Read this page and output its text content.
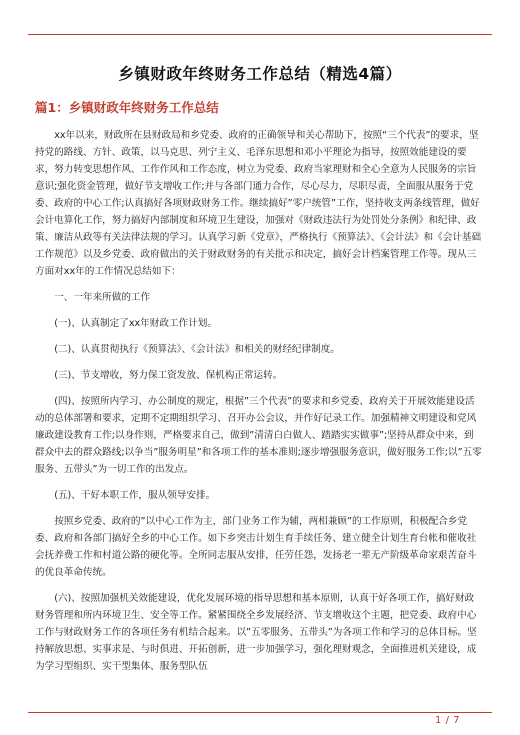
乡镇财政年终财务工作总结（精选4篇）
篇1：乡镇财政年终财务工作总结

xx年以来，财政所在县财政局和乡党委、政府的正确领导和关心帮助下，按照“三个代表”的要求，坚持党的路线、方针、政策，以马克思、列宁主义、毛泽东思想和邓小平理论为指导，按照效能建设的要求，努力转变思想作风、工作作风和工作态度，树立为党委、政府当家理财和全心全意为人民服务的宗旨意识;强化资金管理，做好节支增收工作;并与各部门通力合作，尽心尽力，尽职尽责，全面服从服务于党委、政府的中心工作;认真搞好各项财政财务工作。继续搞好”零户统管”工作，坚持收支两条线管理，做好会计电算化工作，努力搞好内部制度和环境卫生建设，加强对《财政违法行为处罚处分条例》和纪律、政策、廉洁从政等有关法律法规的学习。认真学习新《党章》，严格执行《预算法》、《会计法》和《会计基础工作规范》以及乡党委、政府做出的关于财政财务的有关批示和决定，搞好会计档案管理工作等。现从三方面对xx年的工作情况总结如下：

一、一年来所做的工作

(一)、认真制定了xx年财政工作计划。

(二)、认真贯彻执行《预算法》、《会计法》和相关的财经纪律制度。

(三)、节支增收，努力保工资发放、保机构正常运转。

(四)、按照所内学习、办公制度的规定，根据”三个代表”的要求和乡党委、政府关于开展效能建设活动的总体部署和要求，定期不定期组织学习、召开办公会议，并作好记录工作。加强精神文明建设和党风廉政建设教育工作;以身作则，严格要求自己，做到”清清白白做人、踏踏实实做事”;坚持从群众中来，到群众中去的群众路线;以争当”服务明星”和各项工作的基本准则;逐步增强服务意识，做好服务工作;以”五零服务、五带头”为一切工作的出发点。

(五)、干好本职工作，服从领导安排。

按照乡党委、政府的”以中心工作为主，部门业务工作为辅，两相兼顾”的工作原则，积极配合乡党委、政府和各部门搞好全乡的中心工作。如下乡突击计划生育手续任务、建立健全计划生育台帐和催收社会抚养费工作和村道公路的硬化等。全所同志服从安排，任劳任怨，发扬老一辈无产阶级革命家艰苦奋斗的优良革命传统。

(六)、按照加强机关效能建设，优化发展环境的指导思想和基本原则，认真干好各项工作，搞好财政财务管理和所内环境卫生、安全等工作。紧紧围绕全乡发展经济、节支增收这个主题，把党委、政府中心工作与财政财务工作的各项任务有机结合起来。以”五零服务、五带头”为各项工作和学习的总体目标。坚持解放思想、实事求是、与时俱进、开拓创新，进一步加强学习，强化理财观念，全面推进机关建设，成为学习型组织、实干型集体、服务型队伍

1 / 7
